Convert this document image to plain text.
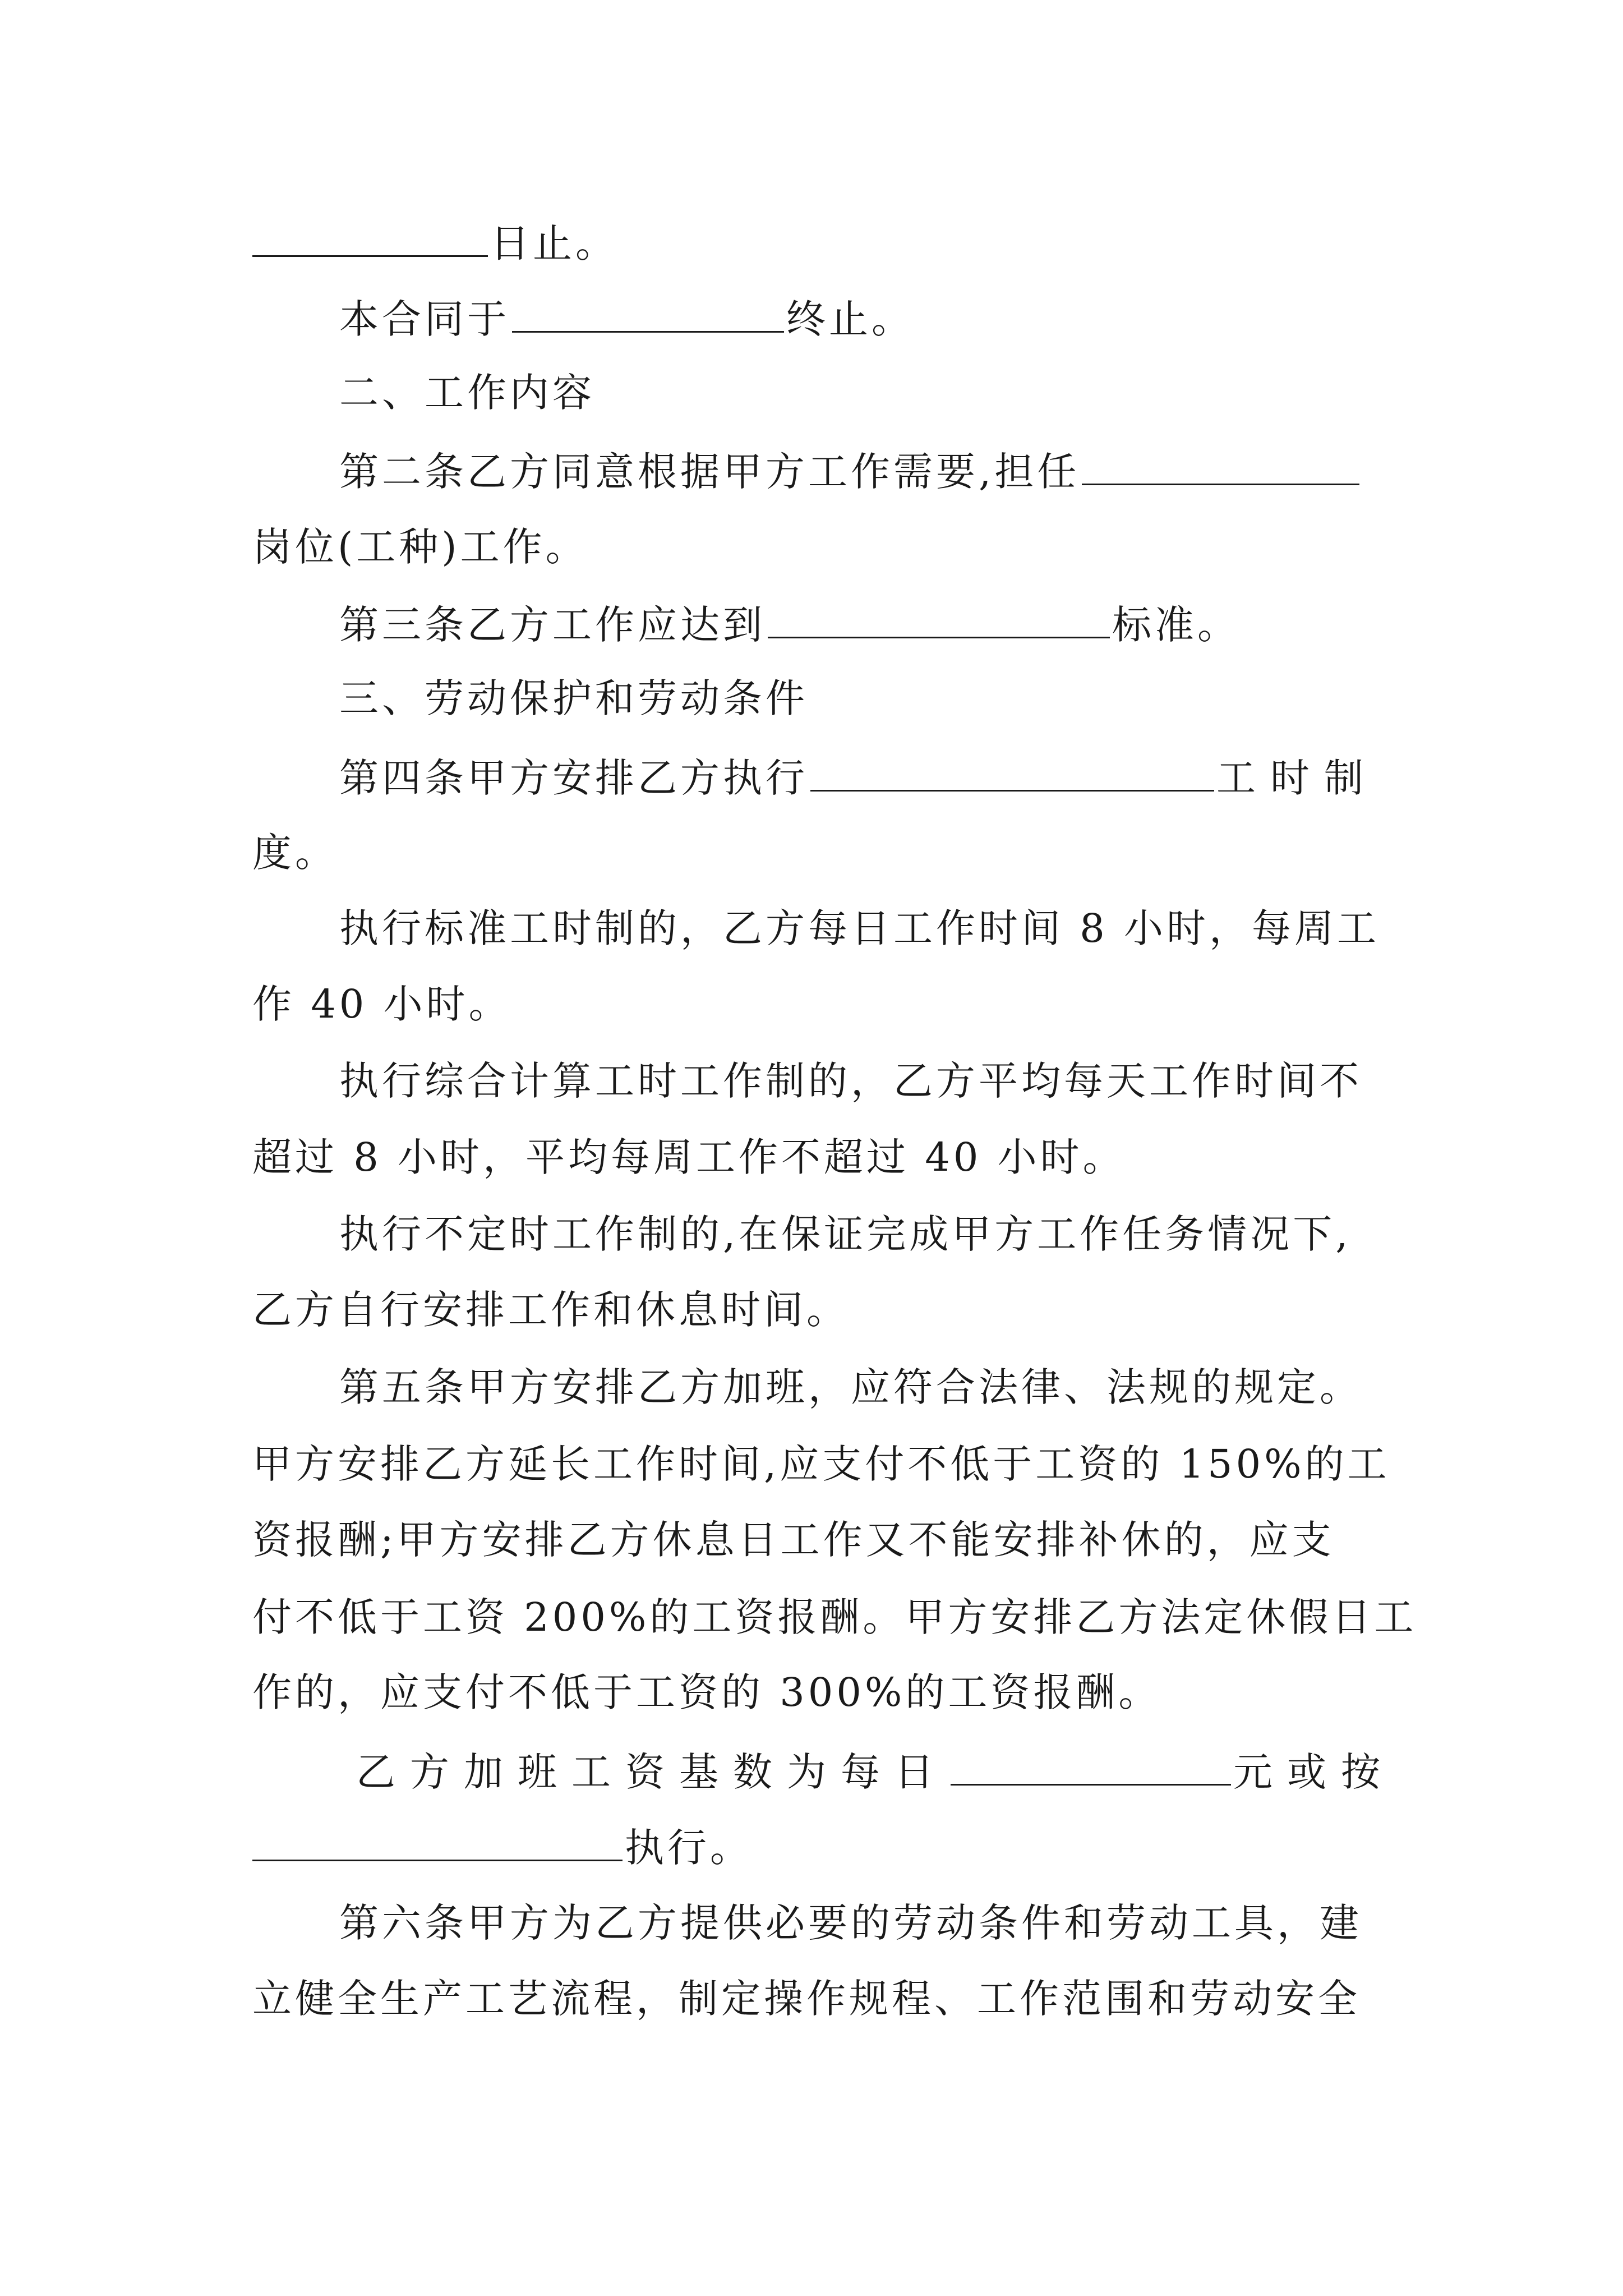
日止。
本合同于	终止。
二、工作内容
第二条乙方同意根据甲方工作需要,担任
岗位(工种)工作。
第三条乙方工作应达到	标准。
三、劳动保护和劳动条件
第四条甲方安排乙方执行	工时制
度。
执行标准工时制的，乙方每日工作时间 8 小时，每周工
作 40 小时。
执行综合计算工时工作制的，乙方平均每天工作时间不
超过 8 小时，平均每周工作不超过 40 小时。
执行不定时工作制的,在保证完成甲方工作任务情况下,
乙方自行安排工作和休息时间。
第五条甲方安排乙方加班，应符合法律、法规的规定。
甲方安排乙方延长工作时间,应支付不低于工资的 150%的工
资报酬;甲方安排乙方休息日工作又不能安排补休的，应支
付不低于工资 200%的工资报酬。甲方安排乙方法定休假日工
作的，应支付不低于工资的 300%的工资报酬。
乙方加班工资基数为每日	元或按
执行。
第六条甲方为乙方提供必要的劳动条件和劳动工具，建
立健全生产工艺流程，制定操作规程、工作范围和劳动安全
